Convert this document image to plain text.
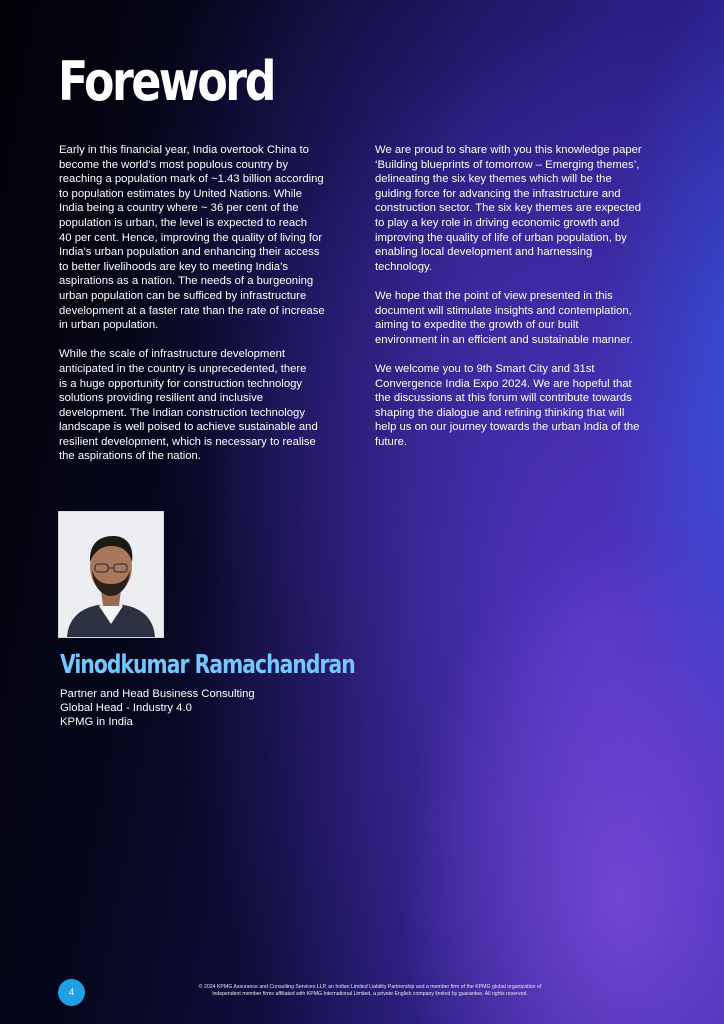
Foreword

Early in this financial year, India overtook China to
become the world’s most populous country by
reaching a population mark of ~1.43 billion according
to population estimates by United Nations. While
India being a country where ~ 36 per cent of the
population is urban, the level is expected to reach
40 per cent. Hence, improving the quality of living for
India’s urban population and enhancing their access
to better livelihoods are key to meeting India’s
aspirations as a nation. The needs of a burgeoning
urban population can be sufficed by infrastructure
development at a faster rate than the rate of increase
in urban population.

While the scale of infrastructure development
anticipated in the country is unprecedented, there
is a huge opportunity for construction technology
solutions providing resilient and inclusive
development. The Indian construction technology
landscape is well poised to achieve sustainable and
resilient development, which is necessary to realise
the aspirations of the nation.

We are proud to share with you this knowledge paper
‘Building blueprints of tomorrow – Emerging themes’,
delineating the six key themes which will be the
guiding force for advancing the infrastructure and
construction sector. The six key themes are expected
to play a key role in driving economic growth and
improving the quality of life of urban population, by
enabling local development and harnessing
technology.

We hope that the point of view presented in this
document will stimulate insights and contemplation,
aiming to expedite the growth of our built
environment in an efficient and sustainable manner.

We welcome you to 9th Smart City and 31st
Convergence India Expo 2024. We are hopeful that
the discussions at this forum will contribute towards
shaping the dialogue and refining thinking that will
help us on our journey towards the urban India of the
future.

Vinodkumar Ramachandran
Partner and Head Business Consulting
Global Head - Industry 4.0
KPMG in India
4	© 2024 KPMG Assurance and Consulting Services LLP, an Indian Limited Liability Partnership and a member firm of the KPMG global organization of
independent member firms affiliated with KPMG International Limited, a private English company limited by guarantee. All rights reserved.
